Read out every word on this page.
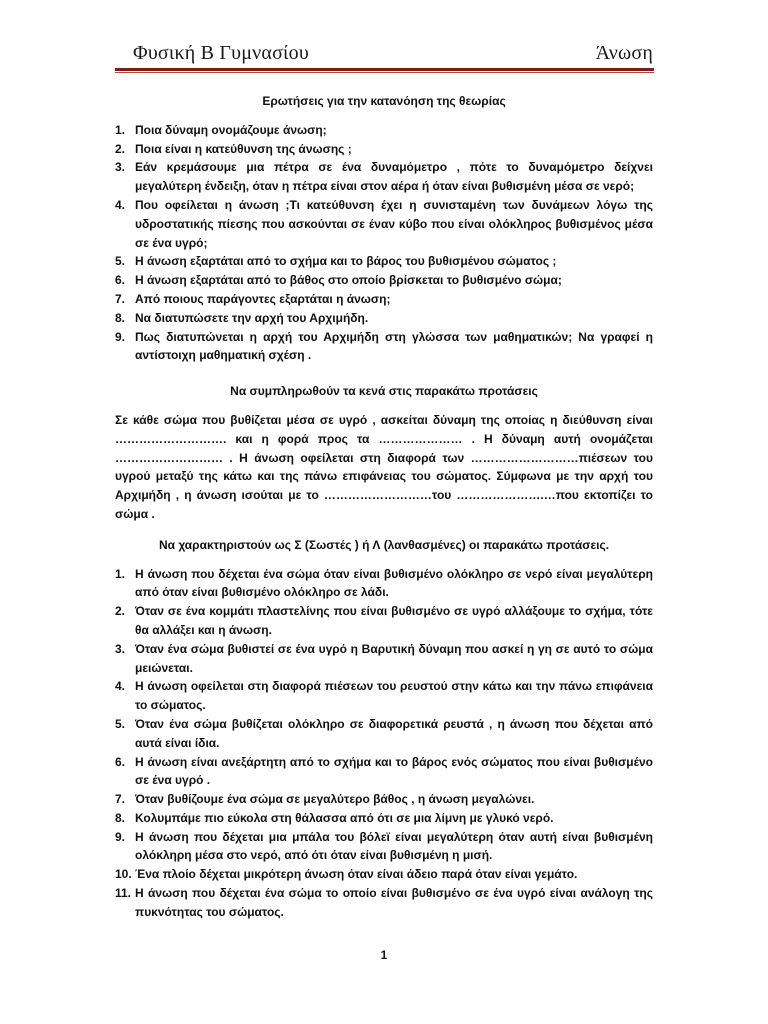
Φυσική Β Γυμνασίου	Άνωση
Ερωτήσεις για την κατανόηση της θεωρίας
1. Ποια δύναμη ονομάζουμε άνωση;
2. Ποια είναι η κατεύθυνση της άνωσης ;
3. Εάν κρεμάσουμε μια πέτρα σε ένα δυναμόμετρο , πότε το δυναμόμετρο δείχνει μεγαλύτερη ένδειξη, όταν η πέτρα είναι στον αέρα ή όταν είναι βυθισμένη μέσα σε νερό;
4. Που οφείλεται η άνωση ;Τι κατεύθυνση έχει η συνισταμένη των δυνάμεων λόγω της υδροστατικής πίεσης που ασκούνται σε έναν κύβο που είναι ολόκληρος βυθισμένος μέσα σε ένα υγρό;
5. Η άνωση εξαρτάται από το σχήμα και το βάρος του βυθισμένου σώματος ;
6. Η άνωση εξαρτάται από το βάθος στο οποίο βρίσκεται το βυθισμένο σώμα;
7. Από ποιους παράγοντες εξαρτάται η άνωση;
8. Να διατυπώσετε την αρχή του Αρχιμήδη.
9. Πως διατυπώνεται η αρχή του Αρχιμήδη στη γλώσσα των μαθηματικών; Να γραφεί η αντίστοιχη μαθηματική σχέση .
Να συμπληρωθούν τα κενά στις παρακάτω προτάσεις

Σε κάθε σώμα που βυθίζεται μέσα σε υγρό , ασκείται δύναμη της οποίας η διεύθυνση είναι ………………………. και η φορά προς τα ………………… . Η δύναμη αυτή ονομάζεται ……………………… . Η άνωση οφείλεται στη διαφορά των ………………………πιέσεων του υγρού μεταξύ της κάτω και της πάνω επιφάνειας του σώματος. Σύμφωνα με την αρχή του Αρχιμήδη , η άνωση ισούται με το ………………………του ………………….…που εκτοπίζει το σώμα .

Να χαρακτηριστούν ως Σ (Σωστές ) ή Λ (λανθασμένες) οι παρακάτω προτάσεις.
1. Η άνωση που δέχεται ένα σώμα όταν είναι βυθισμένο ολόκληρο σε νερό είναι μεγαλύτερη από όταν είναι βυθισμένο ολόκληρο σε λάδι.
2. Όταν σε ένα κομμάτι πλαστελίνης που είναι βυθισμένο σε υγρό αλλάξουμε το σχήμα, τότε θα αλλάξει και η άνωση.
3. Όταν ένα σώμα βυθιστεί σε ένα υγρό η Βαρυτική δύναμη που ασκεί η γη σε αυτό το σώμα μειώνεται.
4. Η άνωση οφείλεται στη διαφορά πιέσεων του ρευστού στην κάτω και την πάνω επιφάνεια το σώματος.
5. Όταν ένα σώμα βυθίζεται ολόκληρο σε διαφορετικά ρευστά , η άνωση που δέχεται από αυτά είναι ίδια.
6. Η άνωση είναι ανεξάρτητη από το σχήμα και το βάρος ενός σώματος που είναι βυθισμένο σε ένα υγρό .
7. Όταν βυθίζουμε ένα σώμα σε μεγαλύτερο βάθος , η άνωση μεγαλώνει.
8. Κολυμπάμε πιο εύκολα στη θάλασσα από ότι σε μια λίμνη με γλυκό νερό.
9. Η άνωση που δέχεται μια μπάλα του βόλεϊ είναι μεγαλύτερη όταν αυτή είναι βυθισμένη ολόκληρη μέσα στο νερό, από ότι όταν είναι βυθισμένη η μισή.
10. Ένα πλοίο δέχεται μικρότερη άνωση όταν είναι άδειο παρά όταν είναι γεμάτο.
11. Η άνωση που δέχεται ένα σώμα το οποίο είναι βυθισμένο σε ένα υγρό είναι ανάλογη της πυκνότητας του σώματος.
1
